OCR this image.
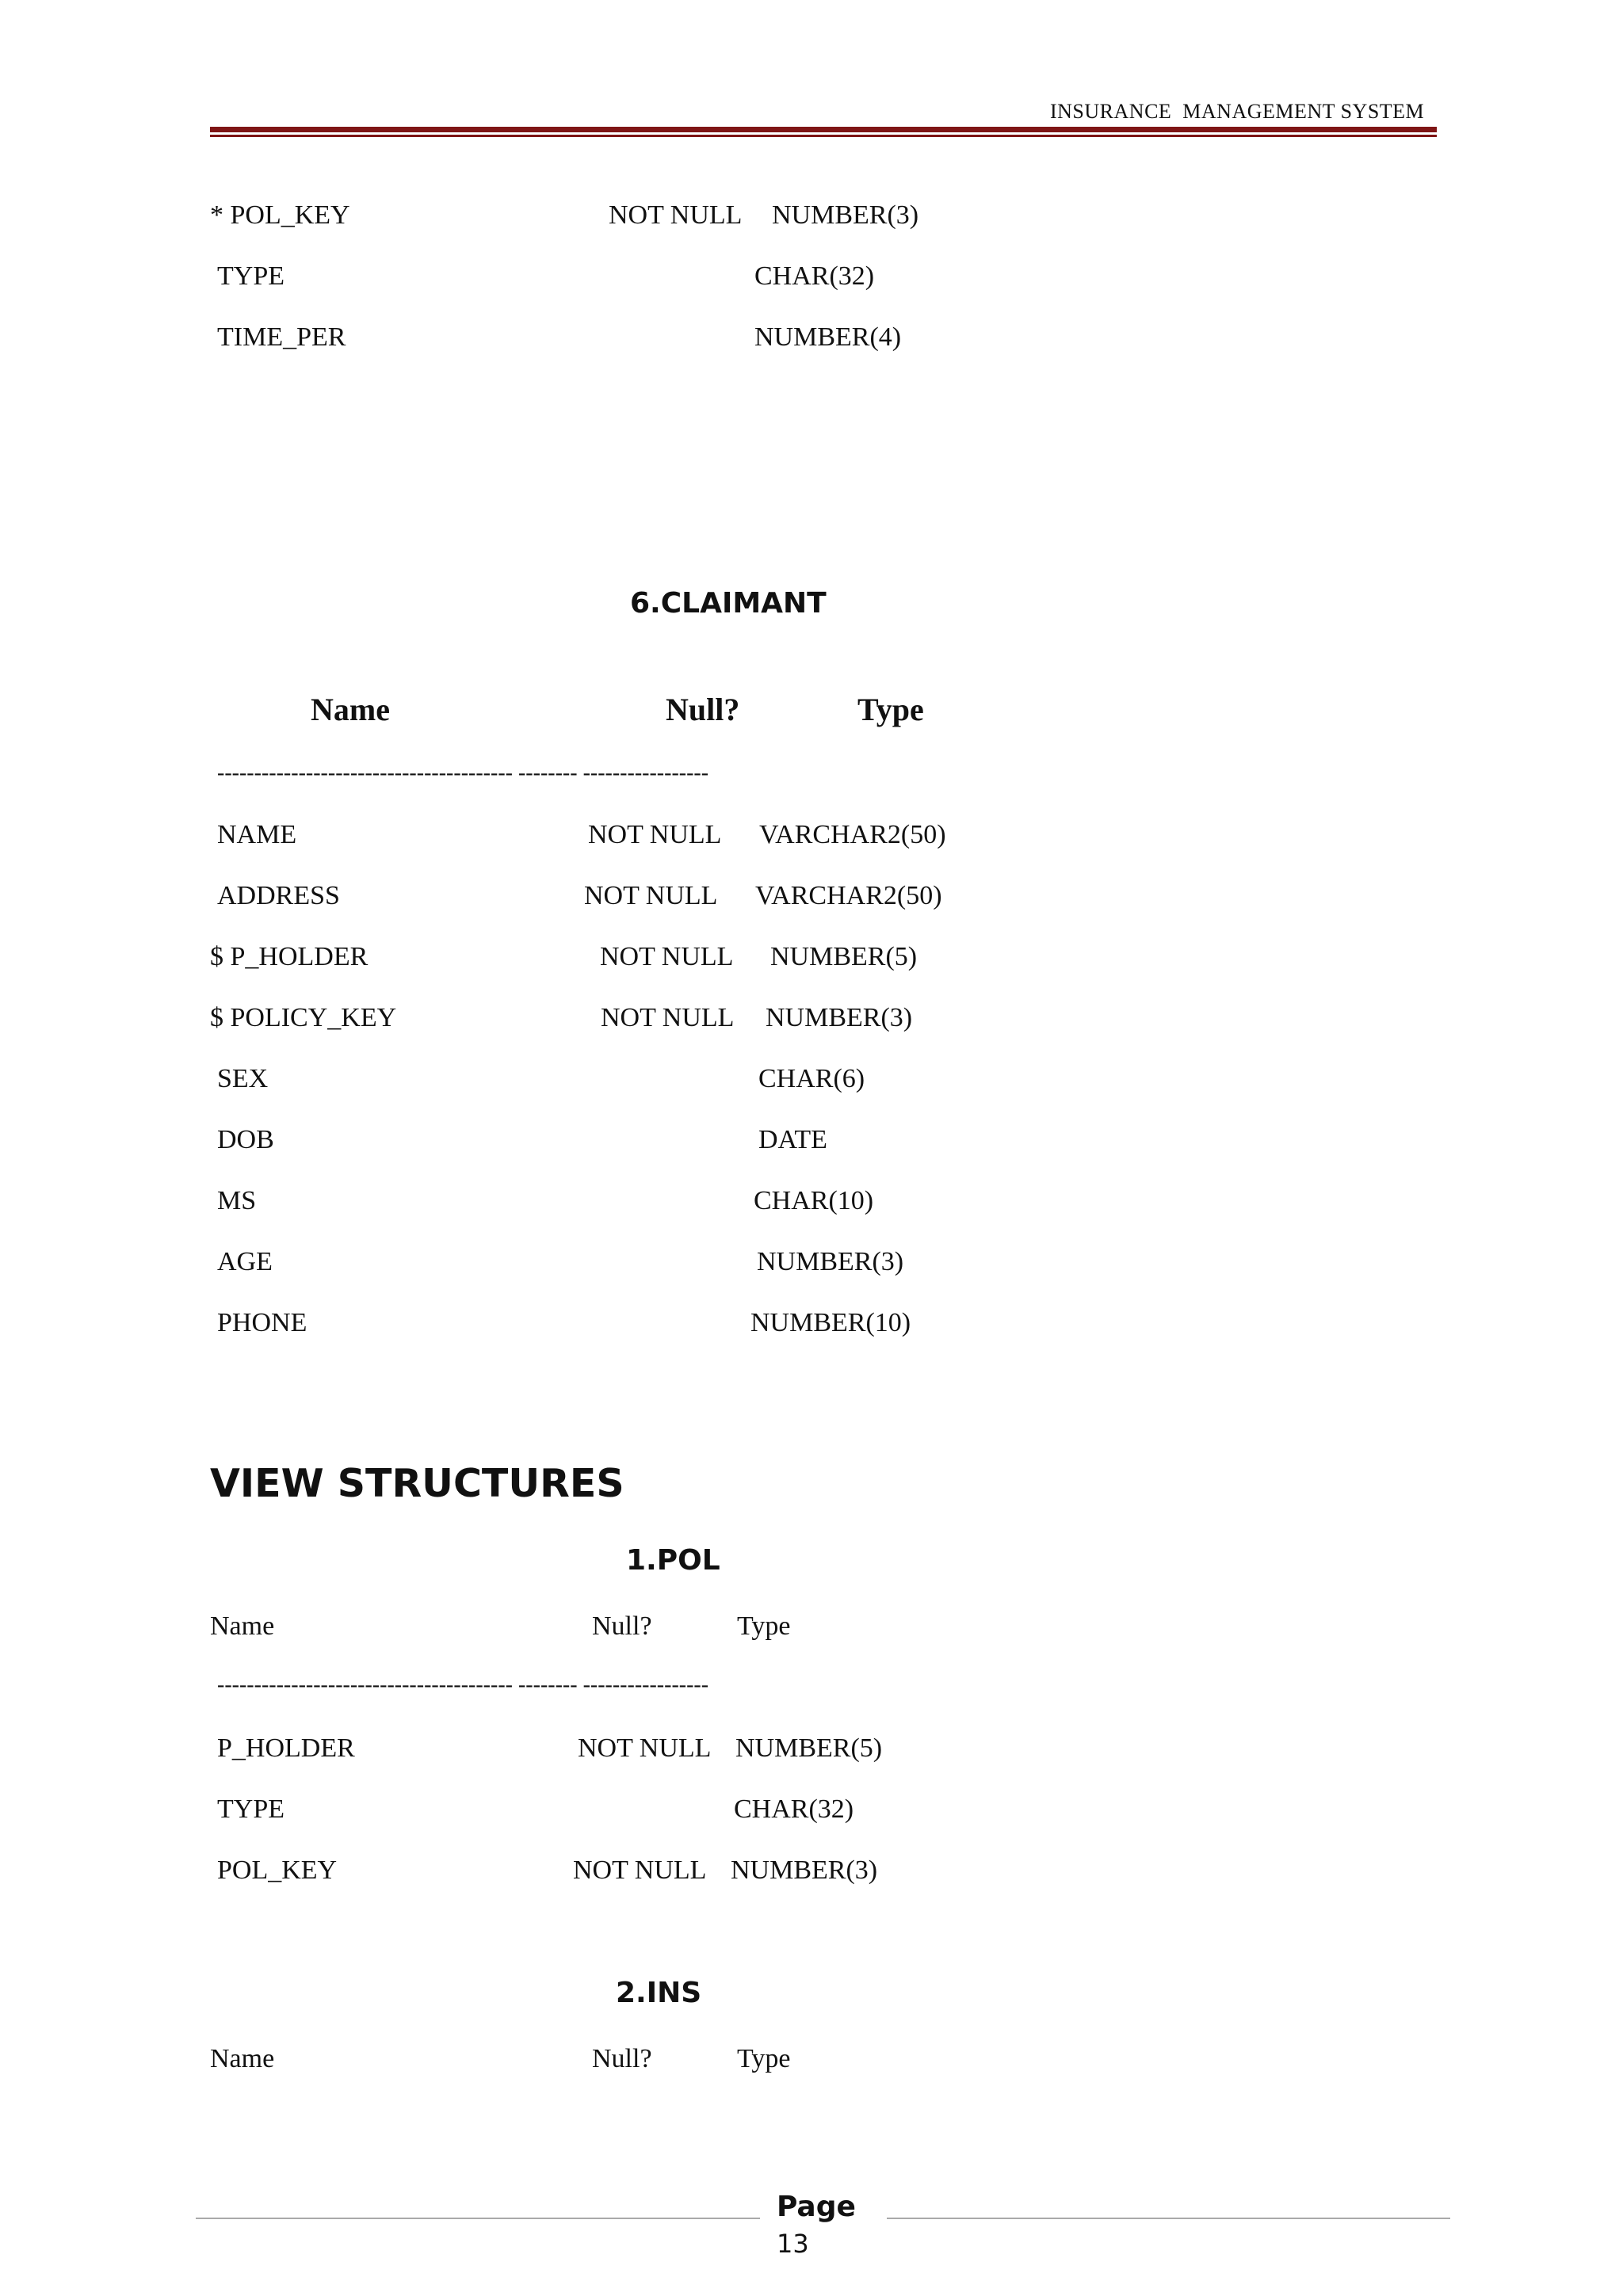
INSURANCE  MANAGEMENT SYSTEM
* POL_KEY	NOT NULL NUMBER(3)
TYPE	CHAR(32)
TIME_PER	NUMBER(4)
6.CLAIMANT
Name	Null?	Type
---------------------------------------- -------- -----------------
NAME	NOT NULL VARCHAR2(50)
ADDRESS	NOT NULL VARCHAR2(50)
$ P_HOLDER	NOT NULL NUMBER(5)
$ POLICY_KEY	NOT NULL NUMBER(3)
SEX	CHAR(6)
DOB	DATE
MS	CHAR(10)
AGE	NUMBER(3)
PHONE	NUMBER(10)
VIEW STRUCTURES
1.POL
Name	Null?	Type
---------------------------------------- -------- -----------------
P_HOLDER	NOT NULL NUMBER(5)
TYPE	CHAR(32)
POL_KEY	NOT NULL NUMBER(3)
2.INS
Name	Null?	Type
Page
13
